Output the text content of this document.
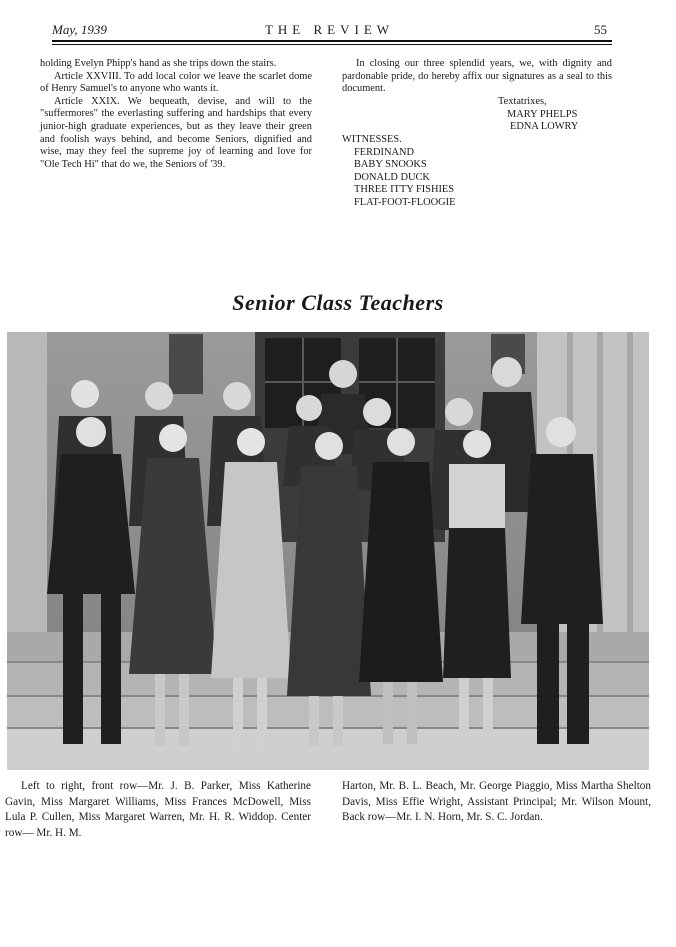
May, 1939	THE REVIEW	55

holding Evelyn Phipp's hand as she trips down the stairs.

Article XXVIII. To add local color we leave the scarlet dome of Henry Samuel's to anyone who wants it.

Article XXIX. We bequeath, devise, and will to the "suffermores" the everlasting suffering and hardships that every junior-high graduate experiences, but as they leave their green and foolish ways behind, and become Seniors, dignified and wise, may they feel the supreme joy of learning and love for "Ole Tech Hi" that do we, the Seniors of '39.

In closing our three splendid years, we, with dignity and pardonable pride, do hereby affix our signatures as a seal to this document.

Textatrixes,
MARY PHELPS
EDNA LOWRY
WITNESSES.
FERDINAND
BABY SNOOKS
DONALD DUCK
THREE ITTY FISHIES
FLAT-FOOT-FLOOGIE
Senior Class Teachers
Left to right, front row—Mr. J. B. Parker, Miss Katherine Gavin, Miss Margaret Williams, Miss Frances McDowell, Miss Lula P. Cullen, Miss Margaret Warren, Mr. H. R. Widdop. Center row— Mr. H. M.
Harton, Mr. B. L. Beach, Mr. George Piaggio, Miss Martha Shelton Davis, Miss Effie Wright, Assistant Principal; Mr. Wilson Mount, Back row—Mr. I. N. Horn, Mr. S. C. Jordan.
